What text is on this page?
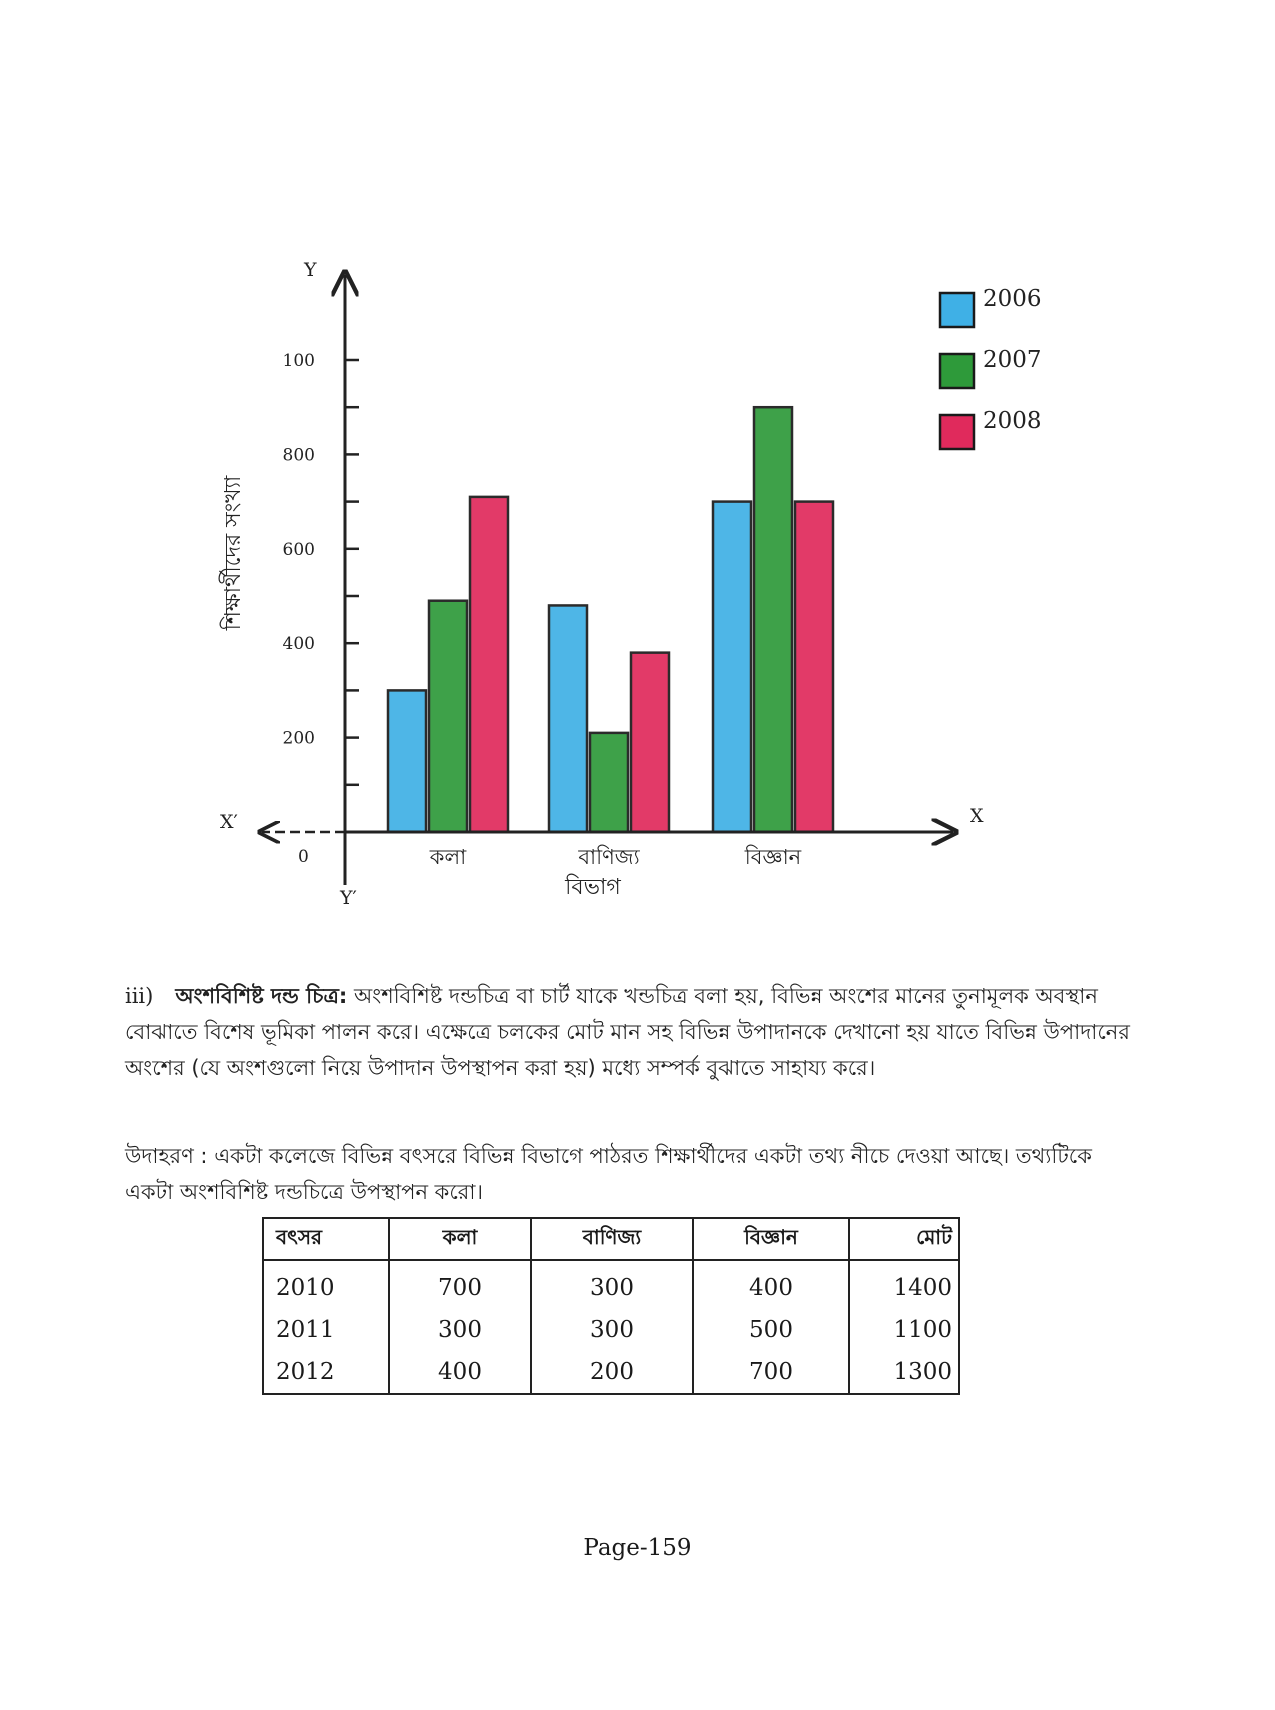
200
400
600
800
100
Y
Y′
X
X′
0
বিভাগ
শিক্ষার্থীদের সংখ্যা
কলা	বাণিজ্য	বিজ্ঞান
2006
2007
2008
iii) অংশবিশিষ্ট দন্ড চিত্র: অংশবিশিষ্ট দন্ডচিত্র বা চার্ট যাকে খন্ডচিত্র বলা হয়, বিভিন্ন অংশের মানের তুনামূলক অবস্থান বোঝাতে বিশেষ ভূমিকা পালন করে। এক্ষেত্রে চলকের মোট মান সহ বিভিন্ন উপাদানকে দেখানো হয় যাতে বিভিন্ন উপাদানের অংশের (যে অংশগুলো নিয়ে উপাদান উপস্থাপন করা হয়) মধ্যে সম্পর্ক বুঝাতে সাহায্য করে।
উদাহরণ : একটা কলেজে বিভিন্ন বৎসরে বিভিন্ন বিভাগে পাঠরত শিক্ষার্থীদের একটা তথ্য নীচে দেওয়া আছে। তথ্যটিকে একটা অংশবিশিষ্ট দন্ডচিত্রে উপস্থাপন করো।
বৎসর	কলা	বাণিজ্য	বিজ্ঞান	মোট
2010	700	300	400	1400
2011	300	300	500	1100
2012	400	200	700	1300
Page-159
